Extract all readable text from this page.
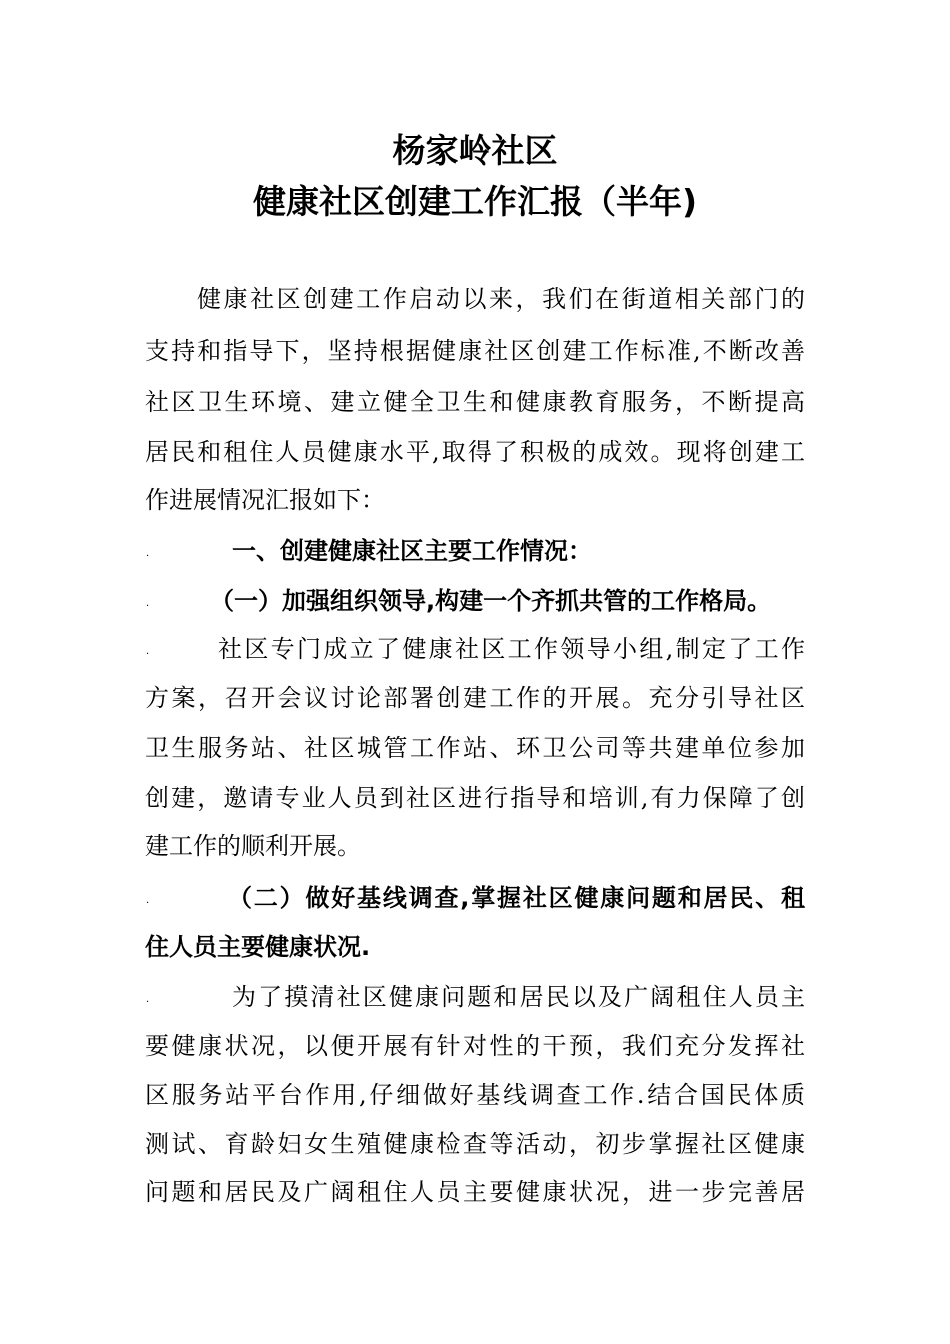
杨家岭社区
健康社区创建工作汇报（半年)
健康社区创建工作启动以来，我们在街道相关部门的
支持和指导下，坚持根据健康社区创建工作标准,不断改善
社区卫生环境、建立健全卫生和健康教育服务，不断提高
居民和租住人员健康水平,取得了积极的成效。现将创建工
作进展情况汇报如下：
·	一、创建健康社区主要工作情况：
·	（一）加强组织领导,构建一个齐抓共管的工作格局。
·	社区专门成立了健康社区工作领导小组,制定了工作
方案，召开会议讨论部署创建工作的开展。充分引导社区
卫生服务站、社区城管工作站、环卫公司等共建单位参加
创建，邀请专业人员到社区进行指导和培训,有力保障了创
建工作的顺利开展。
·	（二）做好基线调查,掌握社区健康问题和居民、租
住人员主要健康状况.
·	为了摸清社区健康问题和居民以及广阔租住人员主
要健康状况，以便开展有针对性的干预，我们充分发挥社
区服务站平台作用,仔细做好基线调查工作.结合国民体质
测试、育龄妇女生殖健康检查等活动，初步掌握社区健康
问题和居民及广阔租住人员主要健康状况，进一步完善居
